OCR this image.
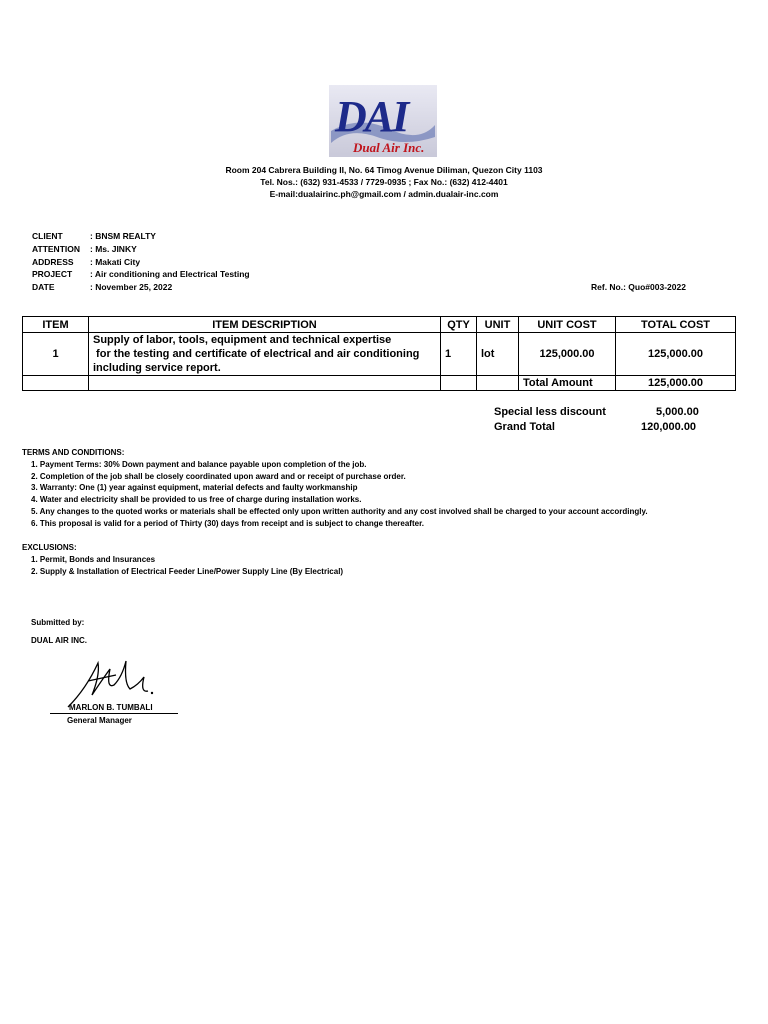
DAI
Dual Air Inc.
Room 204 Cabrera Building II, No. 64 Timog Avenue Diliman, Quezon City 1103
Tel. Nos.: (632) 931-4533 / 7729-0935 ; Fax No.: (632) 412-4401
E-mail:dualairinc.ph@gmail.com / admin.dualair-inc.com
CLIENT	: BNSM REALTY
ATTENTION : Ms. JINKY
ADDRESS : Makati City
PROJECT : Air conditioning and Electrical Testing
DATE	: November 25, 2022	Ref. No.: Quo#003-2022
ITEM	ITEM DESCRIPTION	QTY	UNIT	UNIT COST	TOTAL COST
1	Supply of labor, tools, equipment and technical expertise
for the testing and certificate of electrical and air conditioning
including service report.	1	lot	125,000.00	125,000.00
				Total Amount	125,000.00
Special less discount	5,000.00
Grand Total	120,000.00
TERMS AND CONDITIONS:
1. Payment Terms: 30% Down payment and balance payable upon completion of the job.
2. Completion of the job shall be closely coordinated upon award and or receipt of purchase order.
3. Warranty: One (1) year against equipment, material defects and faulty workmanship
4. Water and electricity shall be provided to us free of charge during installation works.
5. Any changes to the quoted works or materials shall be effected only upon written authority and any cost involved shall be charged to your account accordingly.
6. This proposal is valid for a period of Thirty (30) days from receipt and is subject to change thereafter.
EXCLUSIONS:
1. Permit, Bonds and Insurances
2. Supply & Installation of Electrical Feeder Line/Power Supply Line (By Electrical)
Submitted by:
DUAL AIR INC.
MARLON B. TUMBALI
General Manager
